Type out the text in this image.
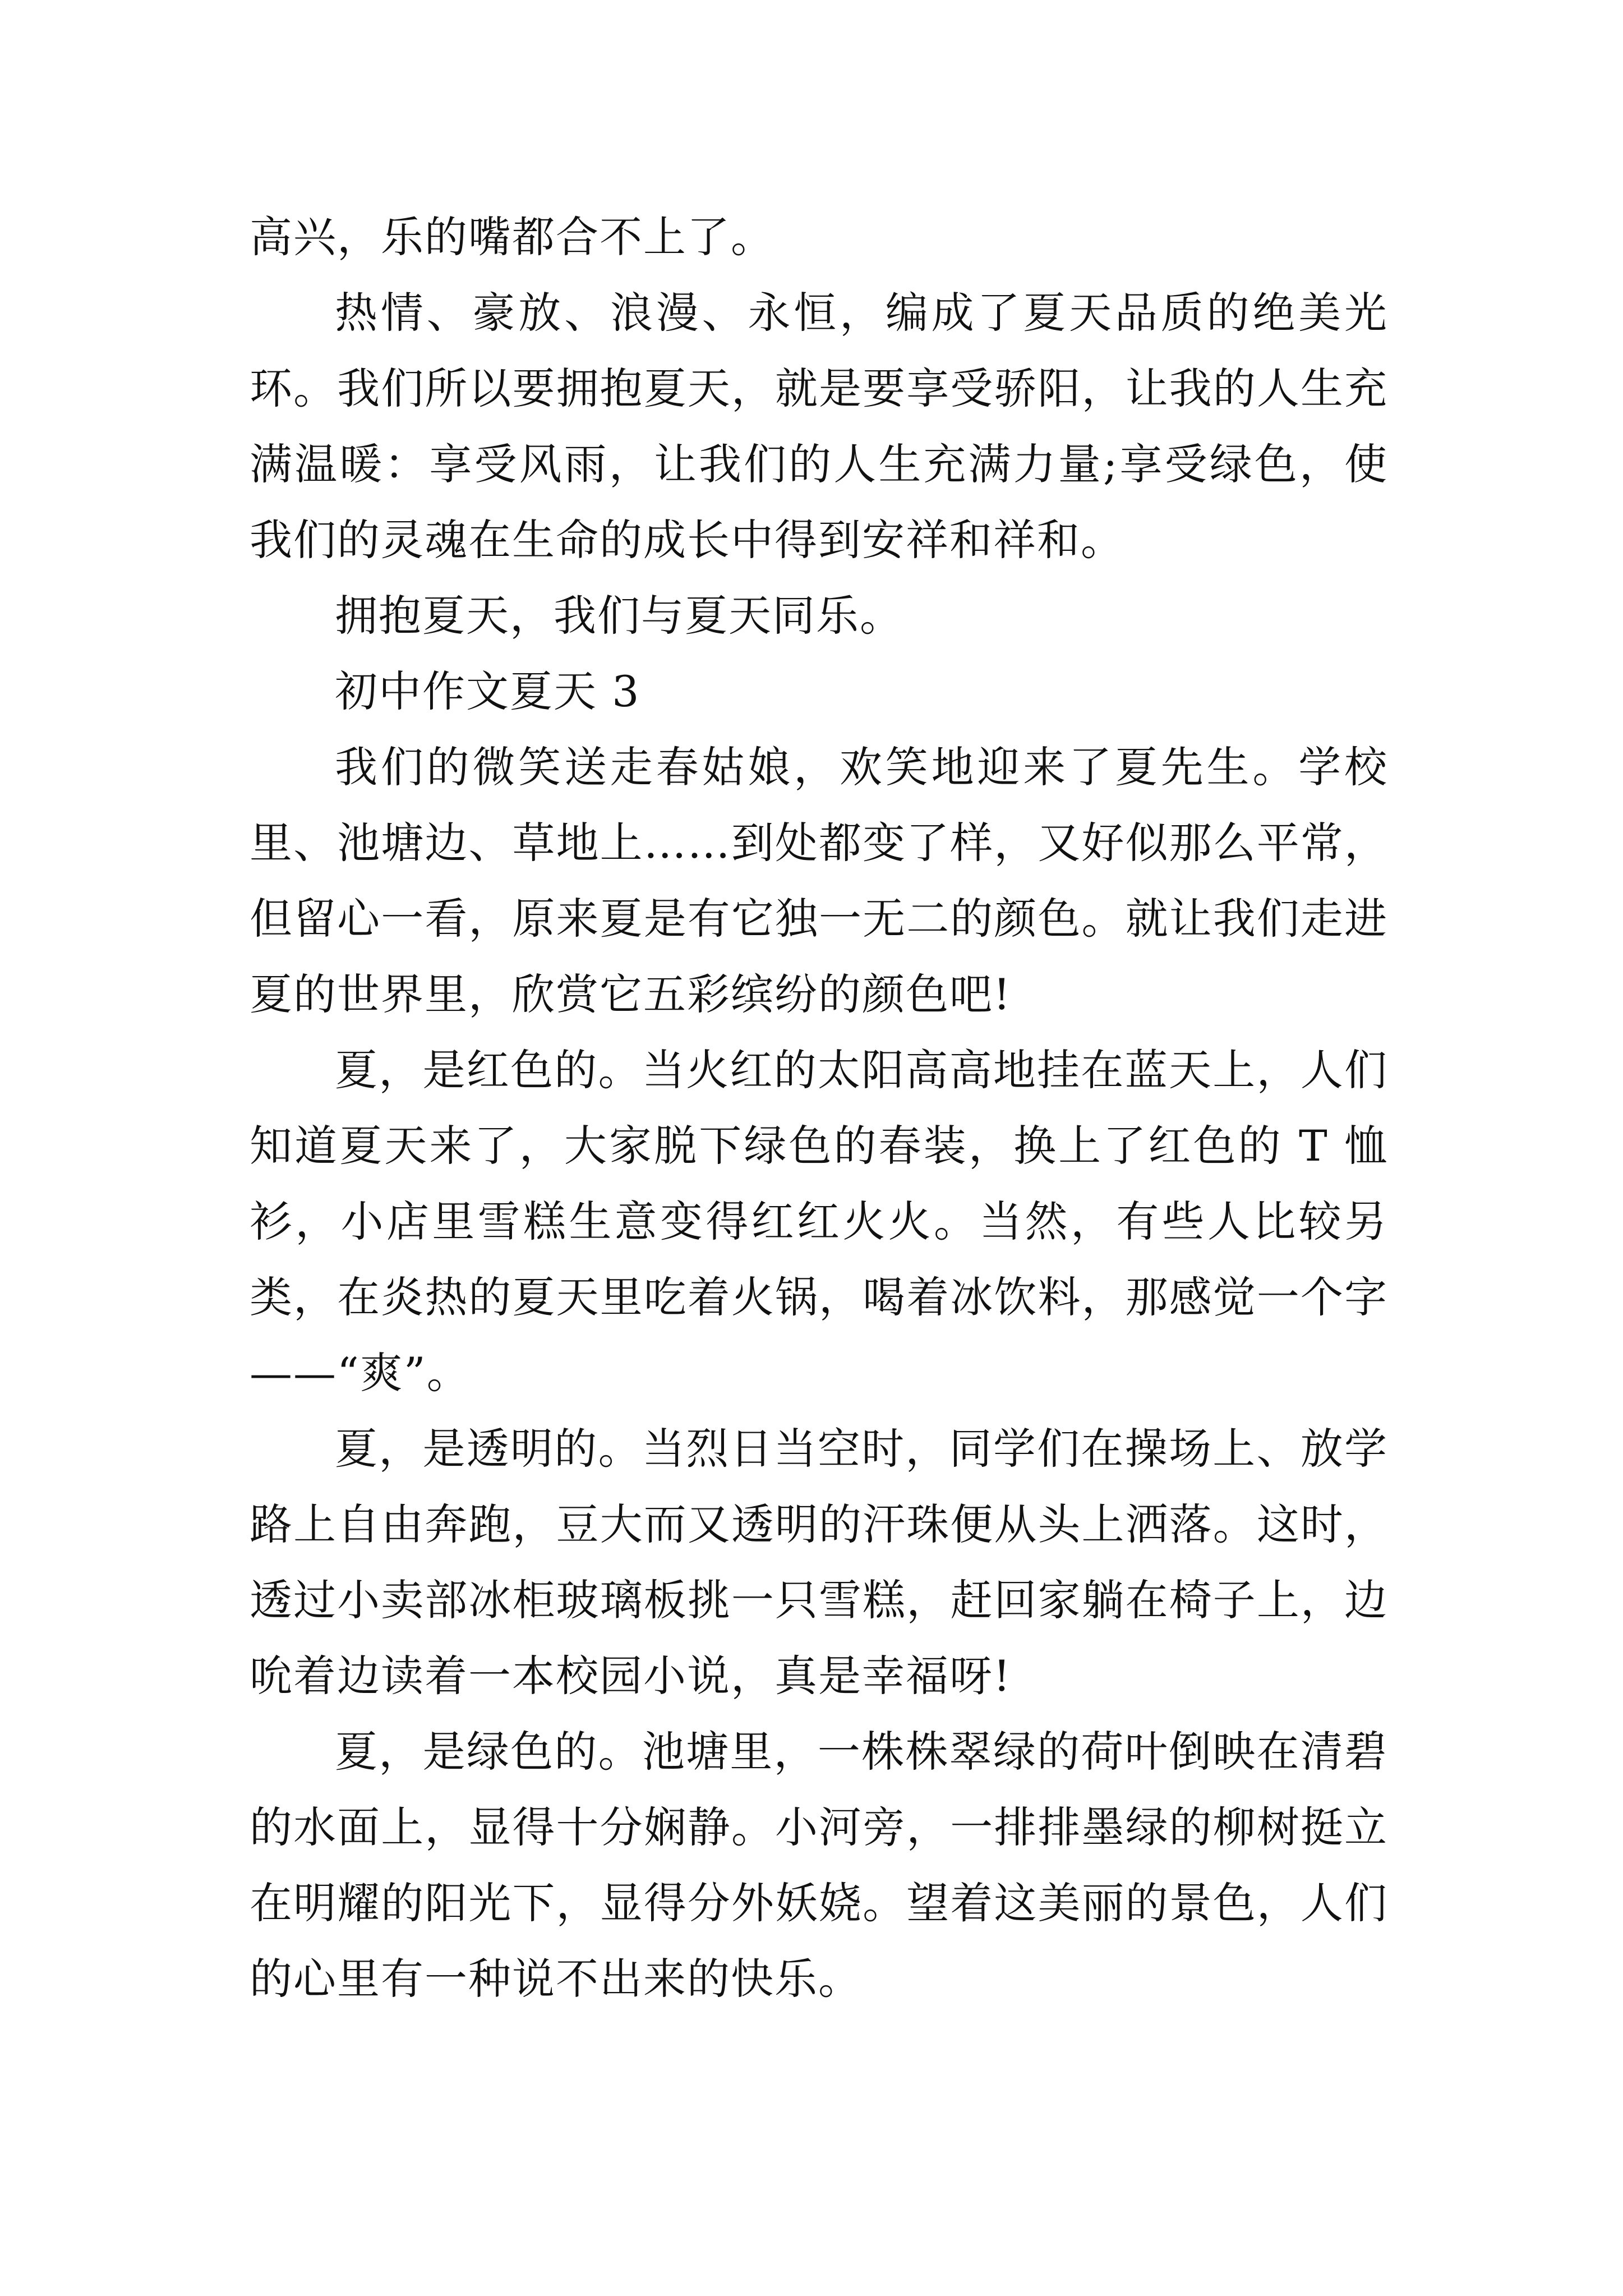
高兴，乐的嘴都合不上了。

热情、豪放、浪漫、永恒，编成了夏天品质的绝美光环。我们所以要拥抱夏天，就是要享受骄阳，让我的人生充满温暖：享受风雨，让我们的人生充满力量;享受绿色，使我们的灵魂在生命的成长中得到安祥和祥和。

拥抱夏天，我们与夏天同乐。

初中作文夏天 3

我们的微笑送走春姑娘，欢笑地迎来了夏先生。学校里、池塘边、草地上……到处都变了样，又好似那么平常，但留心一看，原来夏是有它独一无二的颜色。就让我们走进夏的世界里，欣赏它五彩缤纷的颜色吧!

夏，是红色的。当火红的太阳高高地挂在蓝天上，人们知道夏天来了，大家脱下绿色的春装，换上了红色的 T 恤衫，小店里雪糕生意变得红红火火。当然，有些人比较另类，在炎热的夏天里吃着火锅，喝着冰饮料，那感觉一个字——“爽”。

夏，是透明的。当烈日当空时，同学们在操场上、放学路上自由奔跑，豆大而又透明的汗珠便从头上洒落。这时，透过小卖部冰柜玻璃板挑一只雪糕，赶回家躺在椅子上，边吮着边读着一本校园小说，真是幸福呀!

夏，是绿色的。池塘里，一株株翠绿的荷叶倒映在清碧的水面上，显得十分娴静。小河旁，一排排墨绿的柳树挺立在明耀的阳光下，显得分外妖娆。望着这美丽的景色，人们的心里有一种说不出来的快乐。
